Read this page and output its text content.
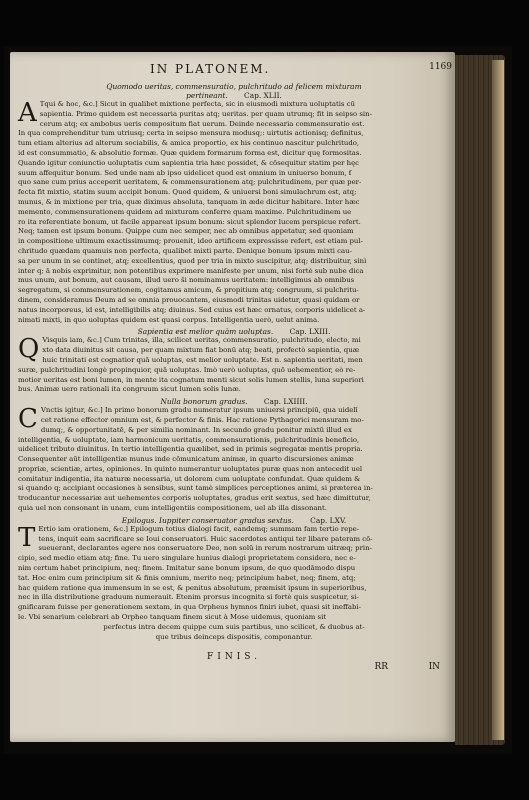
IN PLATONEM.	1169

Quomodo ueritas, commensuratio, pulchritudo ad felicem mixturam

pertineant. Cap. XLII.

A Tqui & hoc, &c.] Sicut in qualibet mixtione perfecta, sic in eiusmodi mixtura uoluptatis cū
sapientia. Primo quidem est necessaria puritas atq; ueritas. per quam utrumq; fit in seipso sin-
cerum atq; ex ambobus ueris compositum fiat uerum. Deinde necessaria commensuratio est.
In qua comprehenditur tum utriusq; certa in seipso mensura modusq;: uirtutis actionisq; definitus,
tum etiam alterius ad alterum sociabilis, & amica proportio, ex his continuo nascitur pulchritudo,
id est consummatio, & absolutio formæ. Quæ quidem formarum forma est, dicitur quę formositas.
Quando igitur coniunctio uoluptatis cum sapientia tria hæc possidet, & cōsequitur statim per hęc
suum affequitur bonum. Sed unde nam ab ipso uidelicet quod est omnium in uniuerso bonum, ẜ
quo sane cum prius acceperit ueritatem, & commensurationem atq; pulchritudinem, per quæ per-
fecta fit mixtio, statim suum accipit bonum. Quod quidem, & uniuersi boni simulachrum est, atq;
munus, & in mixtione per tria, quæ diximus absoluta, tanquam in æde dicitur habitare. Inter hæc
memento, commensurationem quidem ad mixturam conferre quam maxime. Pulchritudinem ue
ro ita referentiate bonum, ut facile appareat ipsum bonum: sicut splendor lucem perspicue refert.
Neq; tamen est ipsum bonum. Quippe cum nec semper, nec ab omnibus appetatur, sed quoniam
in compositione ultimum exactissimumq; prouenit, ideo artificem expressisse refert, est etiam pul-
chritudo quædam quamuis non perfecta, qualibet mixti parte. Denique bonum ipsum mixti cau-
sa per unum in se continet, atq; excellentius, quod per tria in mixto suscipitur, atq; distribuitur, sinì
inter q; ā nobis exprimitur, non potentibus exprimere manifeste per unum, nisi fortè sub nube dica
mus unum, aut bonum, aut causam, illud uero ši nominamus ueritatem: intelligimus ab omnibus
segregatum, si commensurationem, cogitamus amicum, & propitium atq; congruum, si pulchritu-
dinem, consideramus Deum ad se omnia prouocantem, eiusmodi trinitas uidetur, quasi quidam or
natus incorporeus, id est, intelligibilis atq; diuinus. Sed cuius est hæc ornatus, corporis uidelicet a-
nimati mixti, in quo uoluptas quidem est quasi corpus. Intelligentia uerò, uelut anima.

Sapientia est melior quàm uoluptas. Cap. LXIII.

Q Visquis iam, &c.] Cum trinitas, illa, scilicet ueritas, commensuratio, pulchritudo, electo, mi
xto data diuinitus sit causa, per quam mixtum fiat bonū atq; beati, profectò sapientia, quæ
huic trinitati est cognatior quā uoluptas, est melior uoluptate. Est n. sapientia ueritati, men
suræ, pulchritudini longè propinquior, quā uoluptas. Imò uerò uoluptas, quō uehementior, eò re-
motior ueritas est boni lumen, in mente ita cognatum menti sicut solis lumen stellis, luna superiori
bus. Animæ uero rationali ita congruum sicut lumen solis lunæ.

Nulla bonorum gradus. Cap. LXIIII.

C Vnctis igitur, &c.] In primo bonorum gradu numeratur ipsum uniuersi principiū, qua uidelī
cet ratione effector omnium est, & perfector & finis. Hac ratione Pythagorici mensuram mo-
dumq;, & opportunitatē, & per similia nominant. In secundo gradu ponitur mixtū illud ex
intelligentia, & uoluptate, iam harmonicum ueritatis, commensurationis, pulchritudinis beneficio,
uidelicet tributo diuinitus. In tertio intelligentia quælibet, sed in primis segregatæ mentis propria.
Consequenter aūt intelligentiæ munus inde cōmunicatum animæ, in quarto discursiones animæ
propriæ, scientiæ, artes, opiniones. In quinto numerantur uoluptates puræ quas non antecedit uel
comitatur indigentia, ita naturæ necessaria, ut dolorem cum uoluptate confundat. Quæ quidem &
si quando q; accipiant occasiones à sensibus, sunt tamè simplices perceptiones animi, si præterea in-
troducantur necessariæ aut uehementes corporis uoluptates, gradus erit sextus, sed hæc dimittutur,
quia uel non consonant in unam, cum intelligentiis compositionem, uel ab illa dissonant.

Epilogus. Iuppiter conseruator gradus sextus. Cap. LXV.

T Ertio iam orationem, &c.] Epilogum totius dialogi facit, eandemq; summam fam tertio repe-
tens, inquit eam sacrificare se Ioui conseruatori. Huic sacerdotes antiqui ter libare pateram cō-
sueuerant, declarantes egere nos conseruatore Deo, non solū in rerum nostrarum uitræq; prin-
cipio, sed medio etiam atq; fine. Tu uero singulare hunius dialogi proprietatem considera, nec e-
nim certum habet principium, neq; finem. Imitatur sane bonum ipsum, de quo quodāmodo dispu
tat. Hoc enim cum principium sit & finis omnium, merito neq; principium habet, neq; finem, atq;
hac quidem ratione qua immensum in se est, & penitus absolutum, præmisit ipsum in superioribus,
nec in illa distributione graduum numerauit. Etenim prorsus incognita si fortè quis suspicetur, si-
gnificaram fuisse per generationem sextam, in qua Orpheus hymnos finiri iubet, quasi sit ineffabi-
le. Vbi senarium celebrari ab Orpheo tanquam finem sicut à Mose uidemus, quoniam sit
perfectus intra decem quippe cum suis partibus, uno scilicet, & duobus at-
que tribus deinceps dispositis, componantur.
FINIS.
RR	IN
